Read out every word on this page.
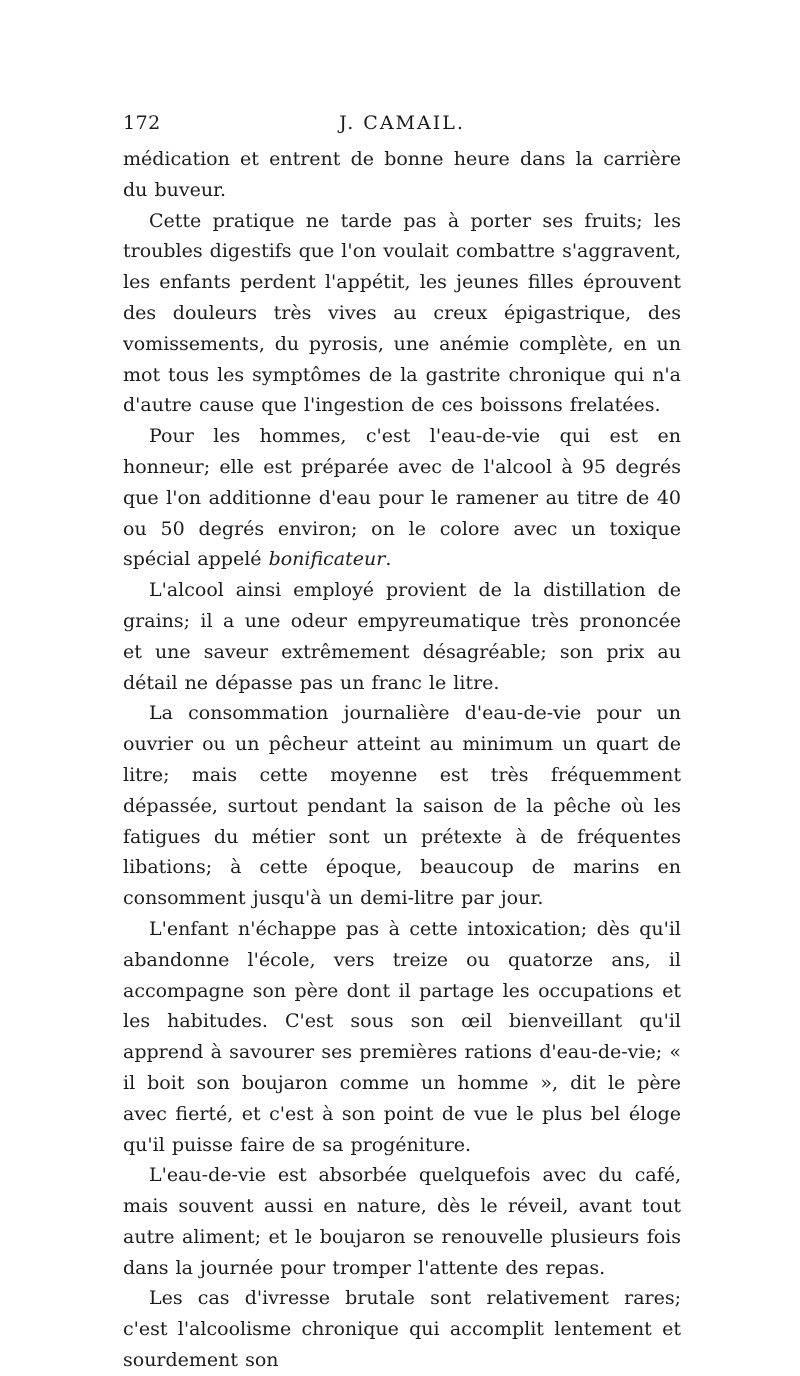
172	J. CAMAIL.

médication et entrent de bonne heure dans la carrière du buveur.

Cette pratique ne tarde pas à porter ses fruits; les troubles digestifs que l'on voulait combattre s'aggravent, les enfants perdent l'appétit, les jeunes filles éprouvent des douleurs très vives au creux épigastrique, des vomissements, du pyrosis, une anémie complète, en un mot tous les symptômes de la gastrite chronique qui n'a d'autre cause que l'ingestion de ces boissons frelatées.

Pour les hommes, c'est l'eau-de-vie qui est en honneur; elle est préparée avec de l'alcool à 95 degrés que l'on additionne d'eau pour le ramener au titre de 40 ou 50 degrés environ; on le colore avec un toxique spécial appelé bonificateur.

L'alcool ainsi employé provient de la distillation de grains; il a une odeur empyreumatique très prononcée et une saveur extrêmement désagréable; son prix au détail ne dépasse pas un franc le litre.

La consommation journalière d'eau-de-vie pour un ouvrier ou un pêcheur atteint au minimum un quart de litre; mais cette moyenne est très fréquemment dépassée, surtout pendant la saison de la pêche où les fatigues du métier sont un prétexte à de fréquentes libations; à cette époque, beaucoup de marins en consomment jusqu'à un demi-litre par jour.

L'enfant n'échappe pas à cette intoxication; dès qu'il abandonne l'école, vers treize ou quatorze ans, il accompagne son père dont il partage les occupations et les habitudes. C'est sous son œil bienveillant qu'il apprend à savourer ses premières rations d'eau-de-vie; « il boit son boujaron comme un homme », dit le père avec fierté, et c'est à son point de vue le plus bel éloge qu'il puisse faire de sa progéniture.

L'eau-de-vie est absorbée quelquefois avec du café, mais souvent aussi en nature, dès le réveil, avant tout autre aliment; et le boujaron se renouvelle plusieurs fois dans la journée pour tromper l'attente des repas.

Les cas d'ivresse brutale sont relativement rares; c'est l'alcoolisme chronique qui accomplit lentement et sourdement son
